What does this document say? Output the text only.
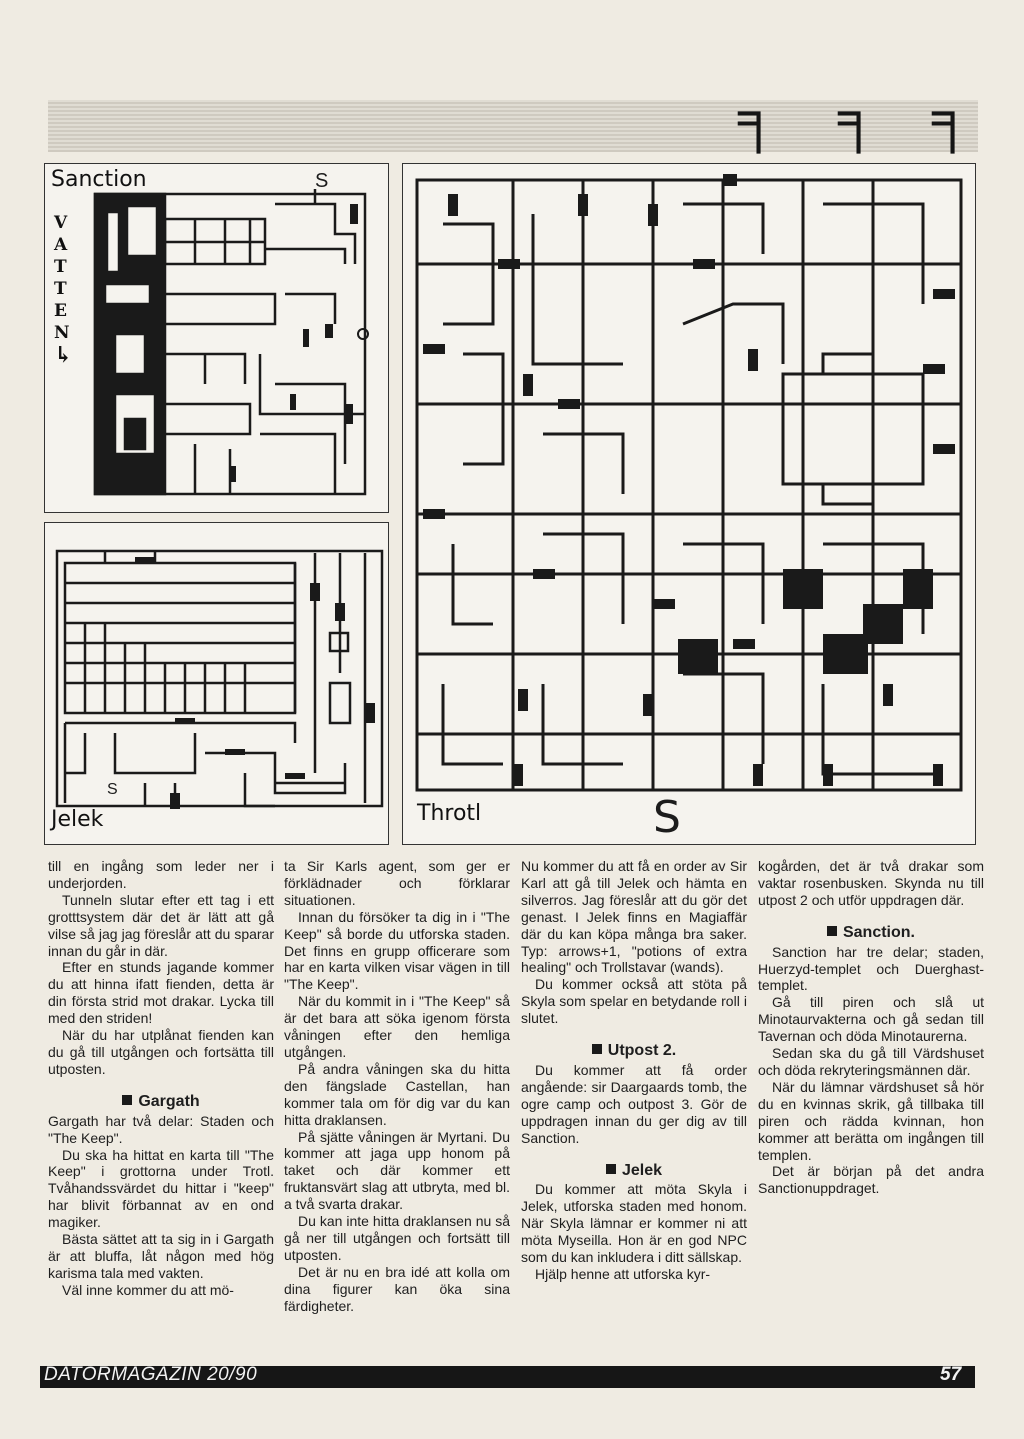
╕ ╕ ╕
Sanction
V
A
T
T
E
N
↳
S
Jelek
S
Throtl	S

till en ingång som leder ner i underjorden.

Tunneln slutar efter ett tag i ett grotttsystem där det är lätt att gå vilse så jag jag föreslår att du sparar innan du går in där.

Efter en stunds jagande kommer du att hinna ifatt fienden, detta är din första strid mot drakar. Lycka till med den striden!

När du har utplånat fienden kan du gå till utgången och fortsätta till utposten.

Gargath

Gargath har två delar: Staden och "The Keep".

Du ska ha hittat en karta till "The Keep" i grottorna under Trotl. Tvåhandssvärdet du hittar i "keep" har blivit förbannat av en ond magiker.

Bästa sättet att ta sig in i Gargath är att bluffa, låt någon med hög karisma tala med vakten.

Väl inne kommer du att mö-

ta Sir Karls agent, som ger er förklädnader och förklarar situationen.

Innan du försöker ta dig in i "The Keep" så borde du utforska staden. Det finns en grupp officerare som har en karta vilken visar vägen in till "The Keep".

När du kommit in i "The Keep" så är det bara att söka igenom första våningen efter den hemliga utgången.

På andra våningen ska du hitta den fängslade Castellan, han kommer tala om för dig var du kan hitta draklansen.

På sjätte våningen är Myrtani. Du kommer att jaga upp honom på taket och där kommer ett fruktansvärt slag att utbryta, med bl. a två svarta drakar.

Du kan inte hitta draklansen nu så gå ner till utgången och fortsätt till utposten.

Det är nu en bra idé att kolla om dina figurer kan öka sina färdigheter.

Nu kommer du att få en order av Sir Karl att gå till Jelek och hämta en silverros. Jag föreslår att du gör det genast. I Jelek finns en Magiaffär där du kan köpa många bra saker. Typ: arrows+1, "potions of extra healing" och Trollstavar (wands).

Du kommer också att stöta på Skyla som spelar en betydande roll i slutet.

Utpost 2.

Du kommer att få order angående: sir Daargaards tomb, the ogre camp och outpost 3. Gör de uppdragen innan du ger dig av till Sanction.

Jelek

Du kommer att möta Skyla i Jelek, utforska staden med honom. När Skyla lämnar er kommer ni att möta Myseilla. Hon är en god NPC som du kan inkludera i ditt sällskap.

Hjälp henne att utforska kyr-

kogården, det är två drakar som vaktar rosenbusken. Skynda nu till utpost 2 och utför uppdragen där.

Sanction.

Sanction har tre delar; staden, Huerzyd-templet och Duerghast-templet.

Gå till piren och slå ut Minotaurvakterna och gå sedan till Tavernan och döda Minotaurerna.

Sedan ska du gå till Värdshuset och döda rekryteringsmännen där.

När du lämnar värdshuset så hör du en kvinnas skrik, gå tillbaka till piren och rädda kvinnan, hon kommer att berätta om ingången till templen.

Det är början på det andra Sanctionuppdraget.

DATORMAGAZIN 20/90	57
